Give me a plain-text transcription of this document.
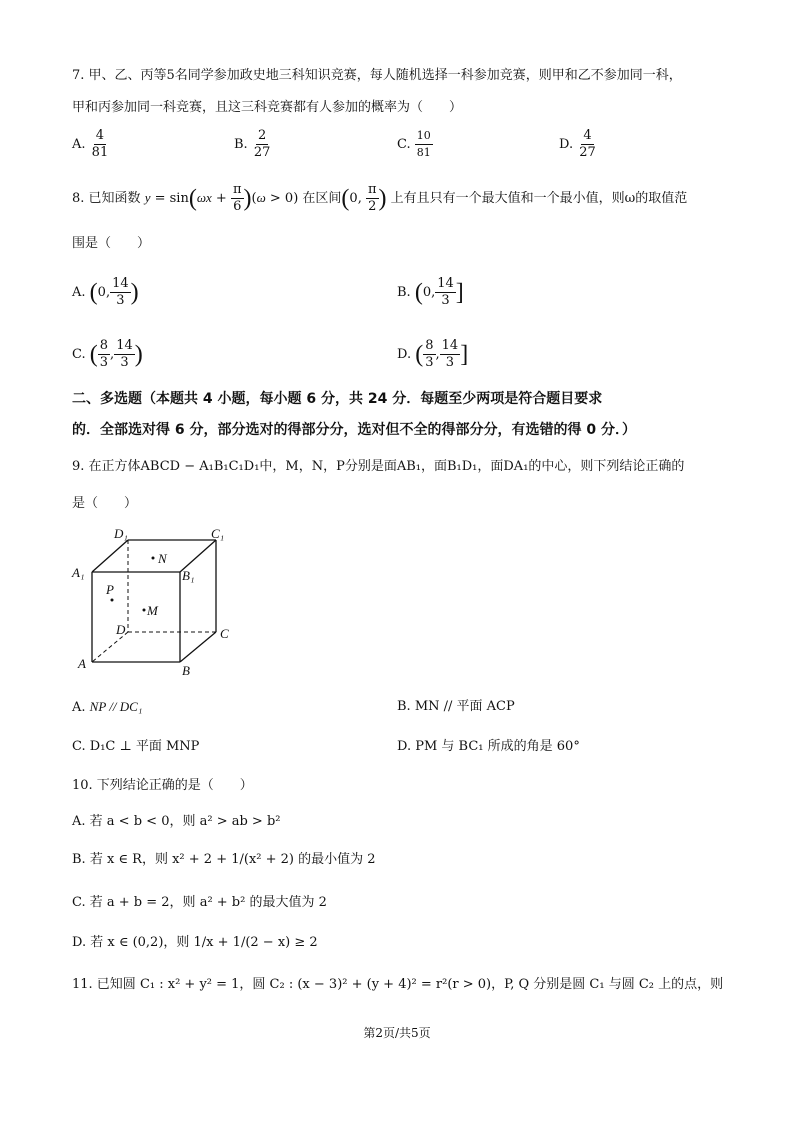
7. 甲、乙、丙等5名同学参加政史地三科知识竞赛，每人随机选择一科参加竞赛，则甲和乙不参加同一科，
甲和丙参加同一科竞赛，且这三科竞赛都有人参加的概率为（　　）
A. $\frac{4}{81}$	B. $\frac{2}{27}$	C. $\frac{10}{81}$	D. $\frac{4}{27}$
8. 已知函数 $y = \sin(\omega x + \frac{\pi}{6} )(\omega > 0)$ 在区间(0, $\frac{\pi}{2}$ ) 上有且只有一个最大值和一个最小值，则ω的取值范
围是（　　）
A. (0, $\frac{14}{3}$ )	B. (0, $\frac{14}{3}$ ]
C. ( $\frac{8}{3}$ , $\frac{14}{3}$ )	D. ( $\frac{8}{3}$ , $\frac{14}{3}$ ]
二、多选题（本题共 4 小题，每小题 6 分，共 24 分．每题至少两项是符合题目要求
的．全部选对得 6 分，部分选对的得部分分，选对但不全的得部分分，有选错的得 0 分．）
9. 在正方体ABCD − A₁B₁C₁D₁中，M，N，P分别是面AB₁，面B₁D₁，面DA₁的中心，则下列结论正确的
是（　　）
D₁	C₁
A₁	B₁
N
P
M
D	C
A	B
A. NP // DC₁	B. MN // 平面 ACP
C. D₁C ⊥ 平面 MNP	D. PM 与 BC₁ 所成的角是 60°
10. 下列结论正确的是（　　）
A. 若 a < b < 0，则 a² > ab > b²
B. 若 x ∈ R，则 x² + 2 + 1/(x² + 2) 的最小值为 2
C. 若 a + b = 2，则 a² + b² 的最大值为 2
D. 若 x ∈ (0,2)，则 1/x + 1/(2 − x) ≥ 2
11. 已知圆 C₁ : x² + y² = 1，圆 C₂ : (x − 3)² + (y + 4)² = r²(r > 0)，P, Q 分别是圆 C₁ 与圆 C₂ 上的点，则
第2页/共5页
